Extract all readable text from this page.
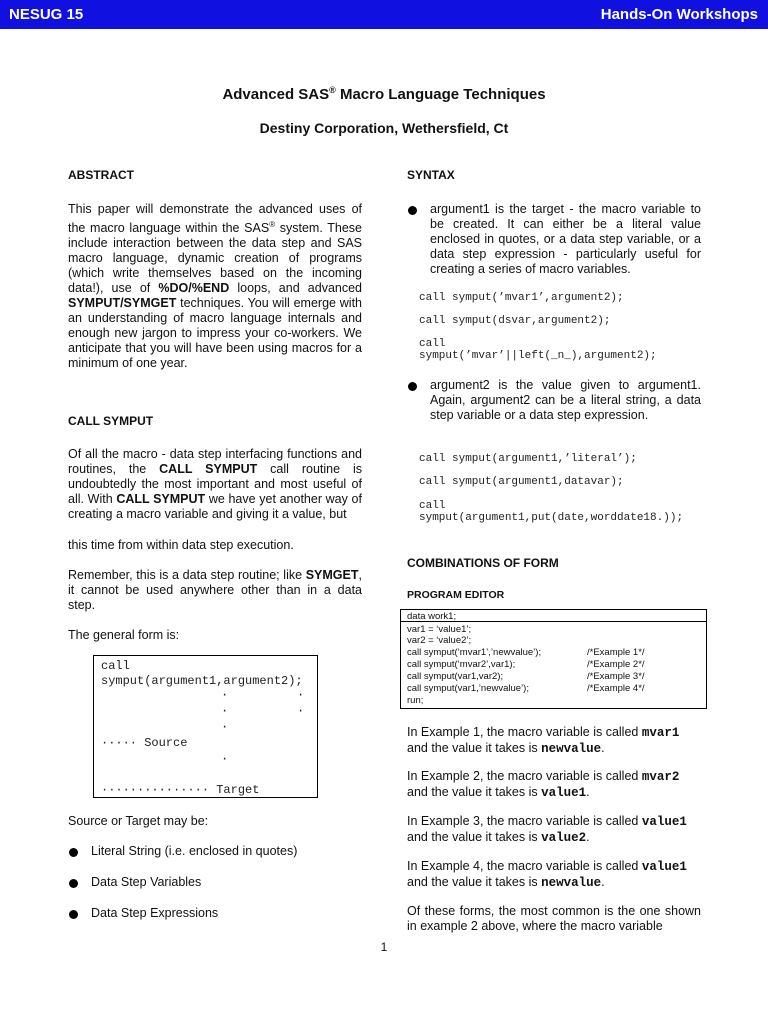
NESUG 15	Hands-On Workshops
Advanced SAS® Macro Language Techniques
Destiny Corporation, Wethersfield, Ct
ABSTRACT

This paper will demonstrate the advanced uses of the macro language within the SAS® system. These include interaction between the data step and SAS macro language, dynamic creation of programs (which write themselves based on the incoming data!), use of %DO/%END loops, and advanced SYMPUT/SYMGET techniques. You will emerge with an understanding of macro language internals and enough new jargon to impress your co-workers. We anticipate that you will have been using macros for a minimum of one year.

CALL SYMPUT

Of all the macro - data step interfacing functions and routines, the CALL SYMPUT call routine is undoubtedly the most important and most useful of all. With CALL SYMPUT we have yet another way of creating a macro variable and giving it a value, but

this time from within data step execution.

Remember, this is a data step routine; like SYMGET, it cannot be used anywhere other than in a data step.

The general form is:

call
symput(argument1,argument2);
·	·
·	·
·
····· Source
·
··············· Target

Source or Target may be:

Literal String (i.e. enclosed in quotes)
Data Step Variables
Data Step Expressions
SYNTAX

argument1 is the target - the macro variable to be created. It can either be a literal value enclosed in quotes, or a data step variable, or a data step expression - particularly useful for creating a series of macro variables.

call symput(’mvar1’,argument2);
call symput(dsvar,argument2);
call
symput(’mvar’||left(_n_),argument2);

argument2 is the value given to argument1. Again, argument2 can be a literal string, a data step variable or a data step expression.

call symput(argument1,’literal’);
call symput(argument1,datavar);
call
symput(argument1,put(date,worddate18.));
COMBINATIONS OF FORM
PROGRAM EDITOR
data work1;
var1 = ‘value1’;
var2 = ‘value2’;
call symput(‘mvar1’,’newvalue’);	/*Example 1*/
call symput(‘mvar2’,var1);	/*Example 2*/
call symput(var1,var2);	/*Example 3*/
call symput(var1,’newvalue’);	/*Example 4*/
run;

In Example 1, the macro variable is called mvar1
and the value it takes is newvalue.

In Example 2, the macro variable is called mvar2
and the value it takes is value1.

In Example 3, the macro variable is called value1
and the value it takes is value2.

In Example 4, the macro variable is called value1
and the value it takes is newvalue.

Of these forms, the most common is the one shown in example 2 above, where the macro variable

1
